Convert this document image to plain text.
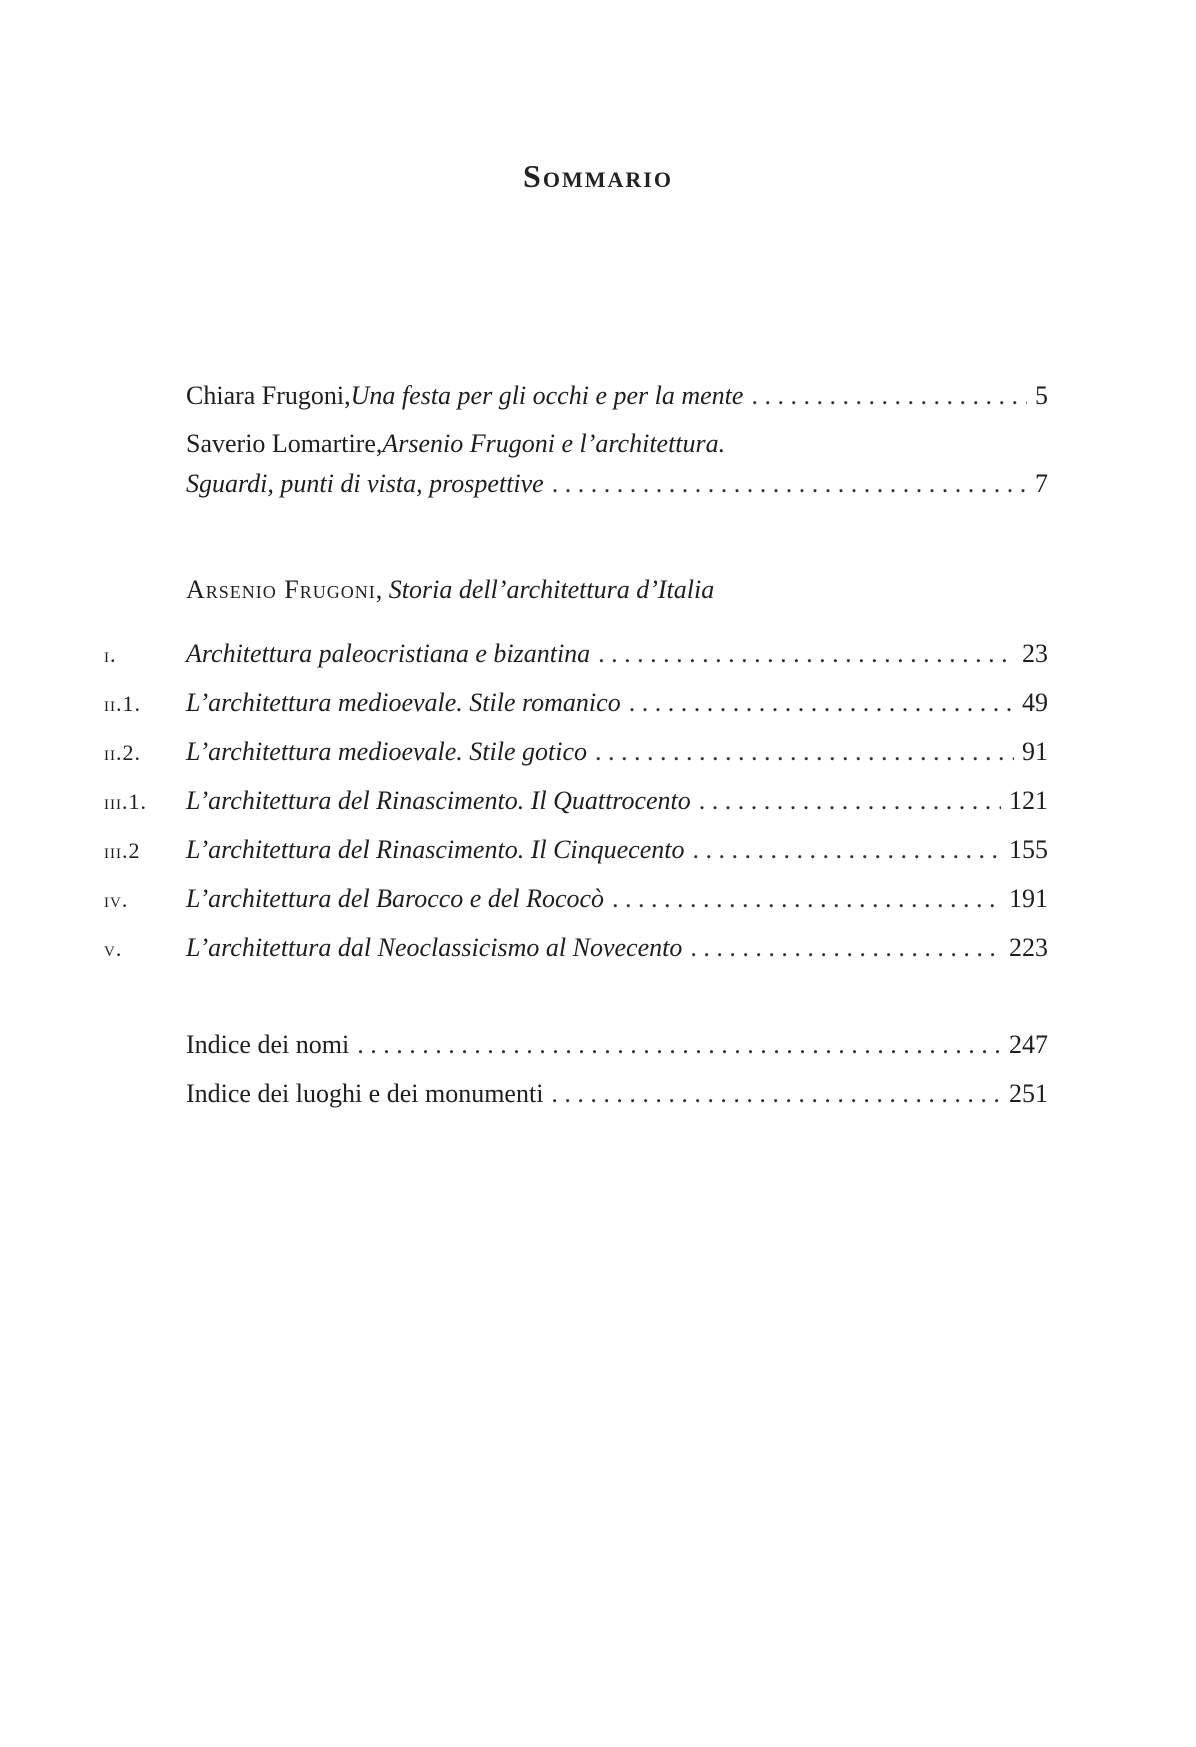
Sommario
Chiara Frugoni, Una festa per gli occhi e per la mente . . .	5
Saverio Lomartire, Arsenio Frugoni e l’architettura.
Sguardi, punti di vista, prospettive . . .	7
Arsenio Frugoni, Storia dell’architettura d’Italia
i.	Architettura paleocristiana e bizantina . . .	23
ii.1.	L’architettura medioevale. Stile romanico . . .	49
ii.2.	L’architettura medioevale. Stile gotico . . .	91
iii.1.	L’architettura del Rinascimento. Il Quattrocento . . .	121
iii.2	L’architettura del Rinascimento. Il Cinquecento . . .	155
iv.	L’architettura del Barocco e del Rococò . . .	191
v.	L’architettura dal Neoclassicismo al Novecento . . .	223
Indice dei nomi . . .	247
Indice dei luoghi e dei monumenti . . .	251
